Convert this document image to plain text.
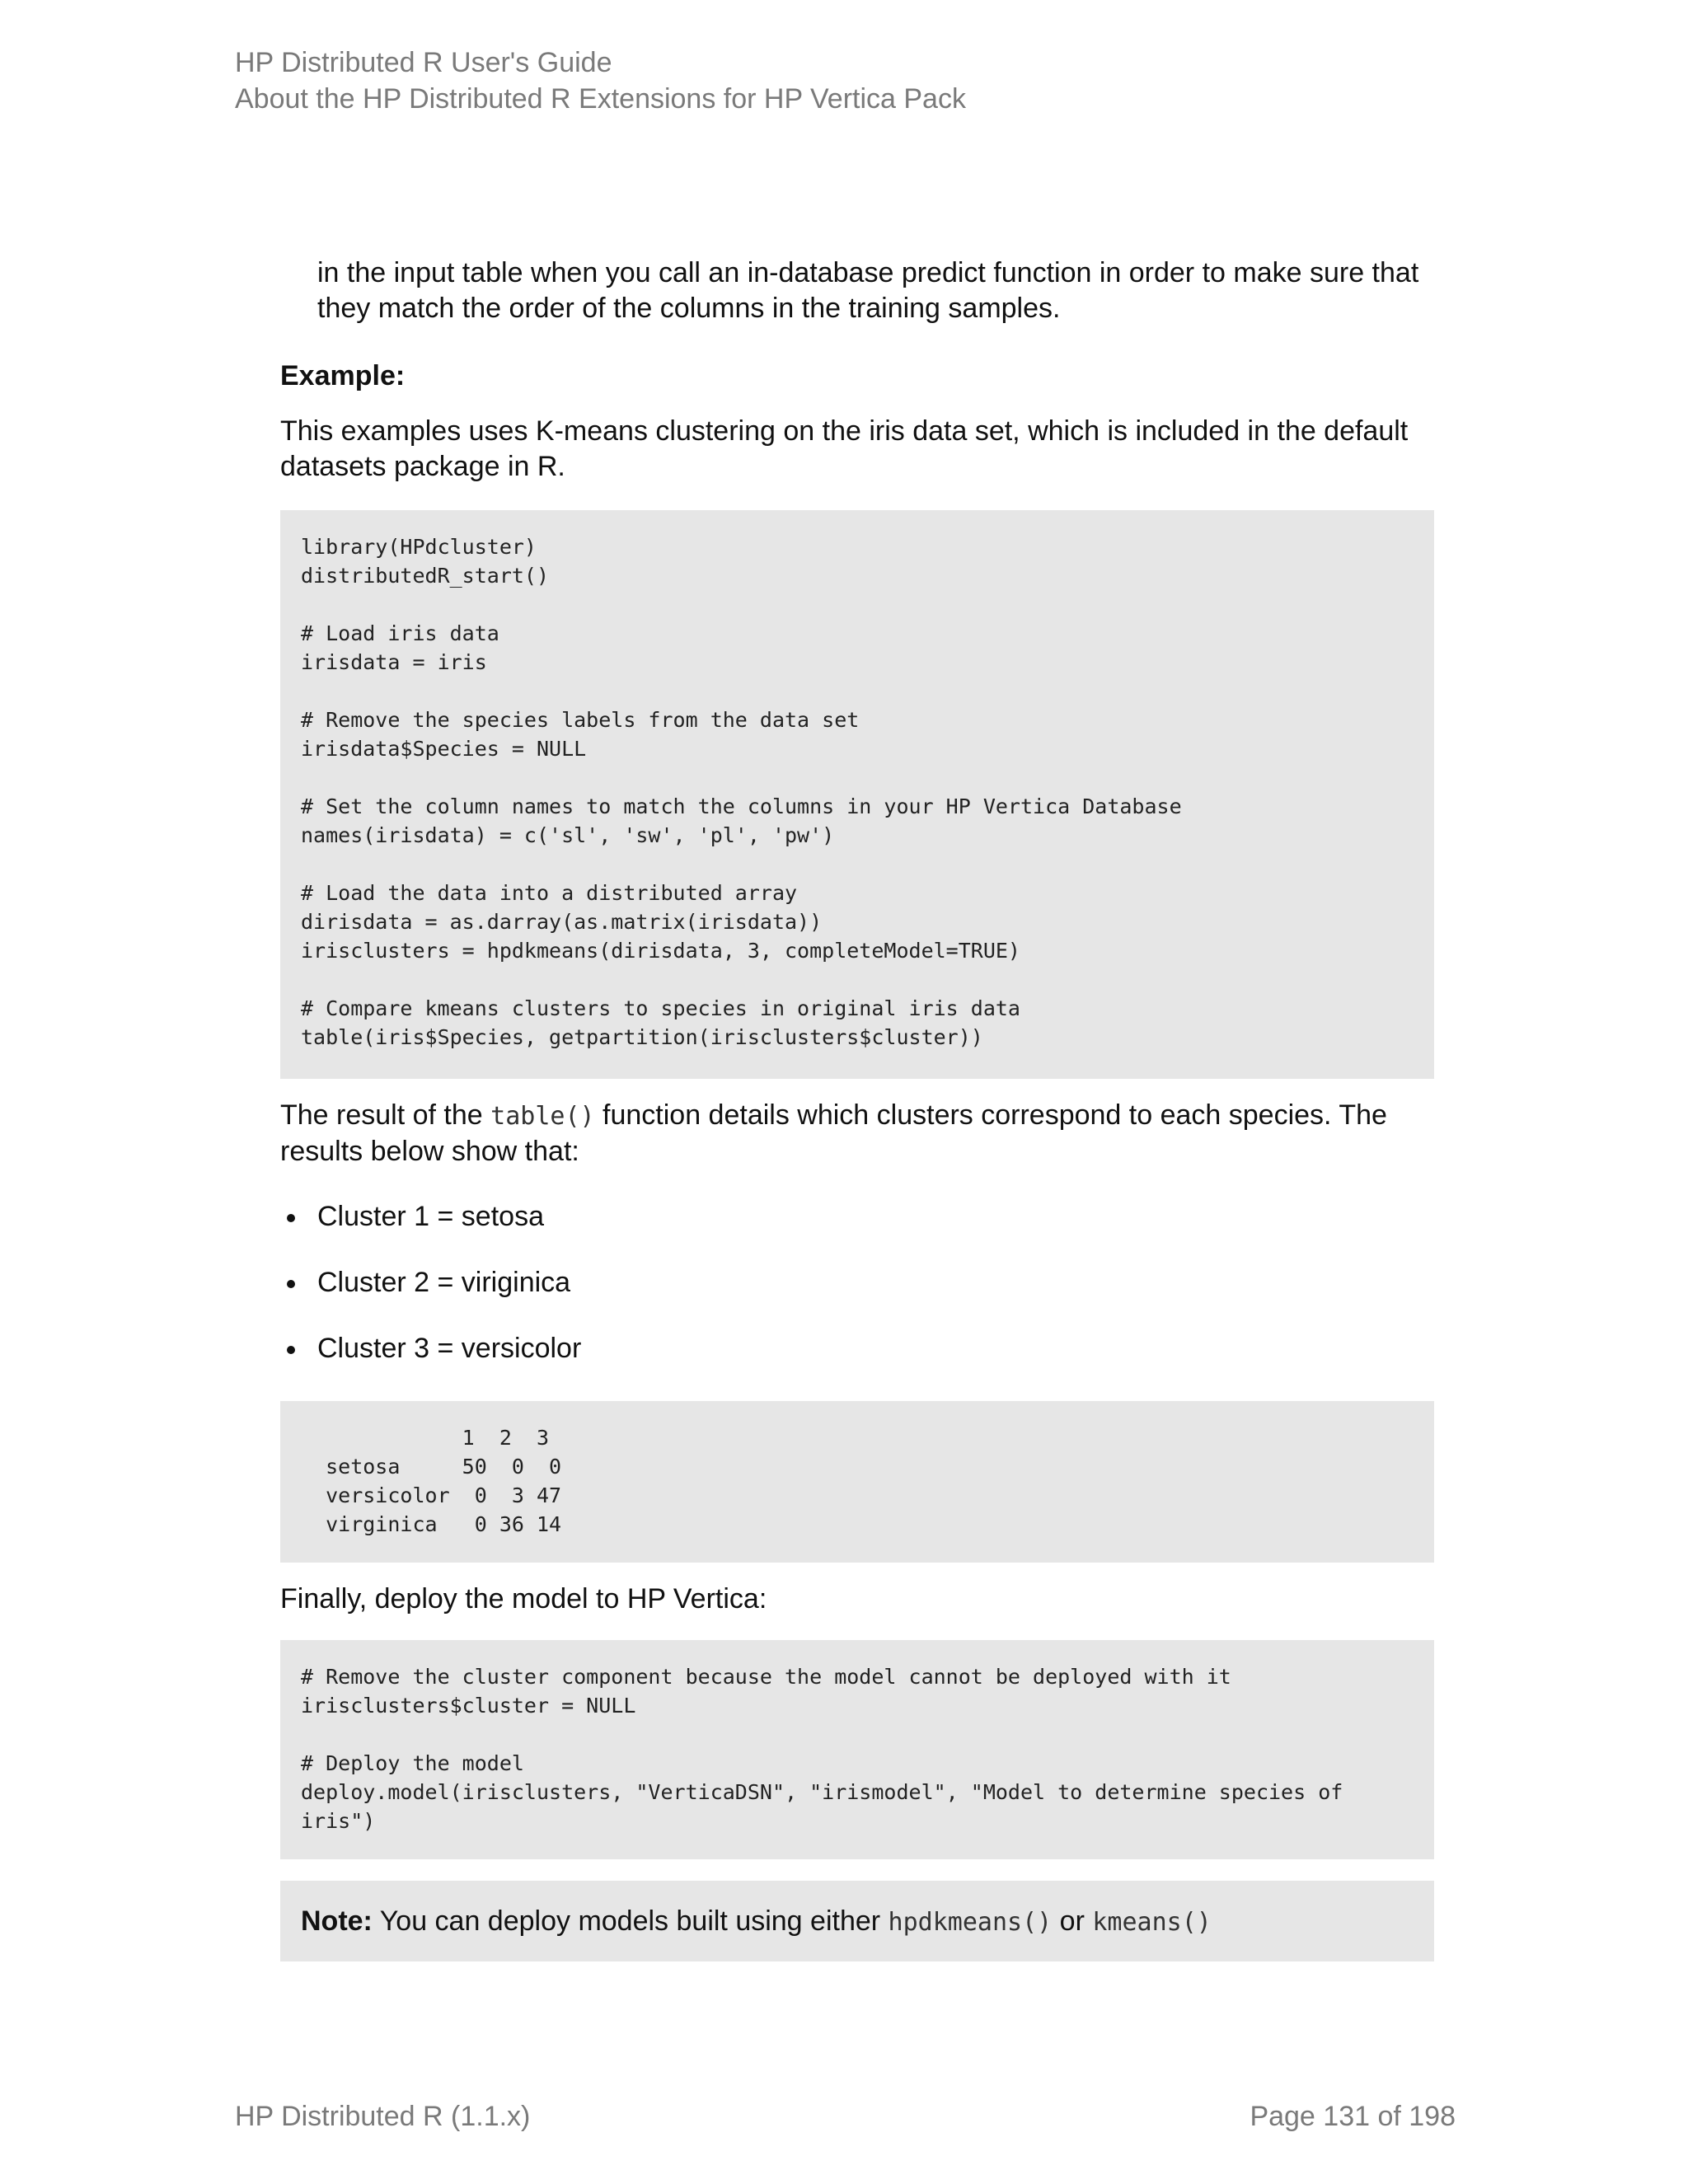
HP Distributed R User's Guide
About the HP Distributed R Extensions for HP Vertica Pack
in the input table when you call an in-database predict function in order to make sure that they match the order of the columns in the training samples.
Example:
This examples uses K-means clustering on the iris data set, which is included in the default datasets package in R.
library(HPdcluster)
distributedR_start()
# Load iris data
irisdata = iris
# Remove the species labels from the data set
irisdata$Species = NULL
# Set the column names to match the columns in your HP Vertica Database
names(irisdata) = c('sl', 'sw', 'pl', 'pw')
# Load the data into a distributed array
dirisdata = as.darray(as.matrix(irisdata))
irisclusters = hpdkmeans(dirisdata, 3, completeModel=TRUE)
# Compare kmeans clusters to species in original iris data
table(iris$Species, getpartition(irisclusters$cluster))
The result of the table() function details which clusters correspond to each species. The results below show that:
Cluster 1 = setosa
Cluster 2 = viriginica
Cluster 3 = versicolor
1  2  3
setosa     50  0  0
versicolor  0  3 47
virginica   0 36 14
Finally, deploy the model to HP Vertica:
# Remove the cluster component because the model cannot be deployed with it
irisclusters$cluster = NULL
# Deploy the model
deploy.model(irisclusters, "VerticaDSN", "irismodel", "Model to determine species of
iris")
Note: You can deploy models built using either hpdkmeans() or kmeans()
HP Distributed R (1.1.x)	Page 131 of 198
